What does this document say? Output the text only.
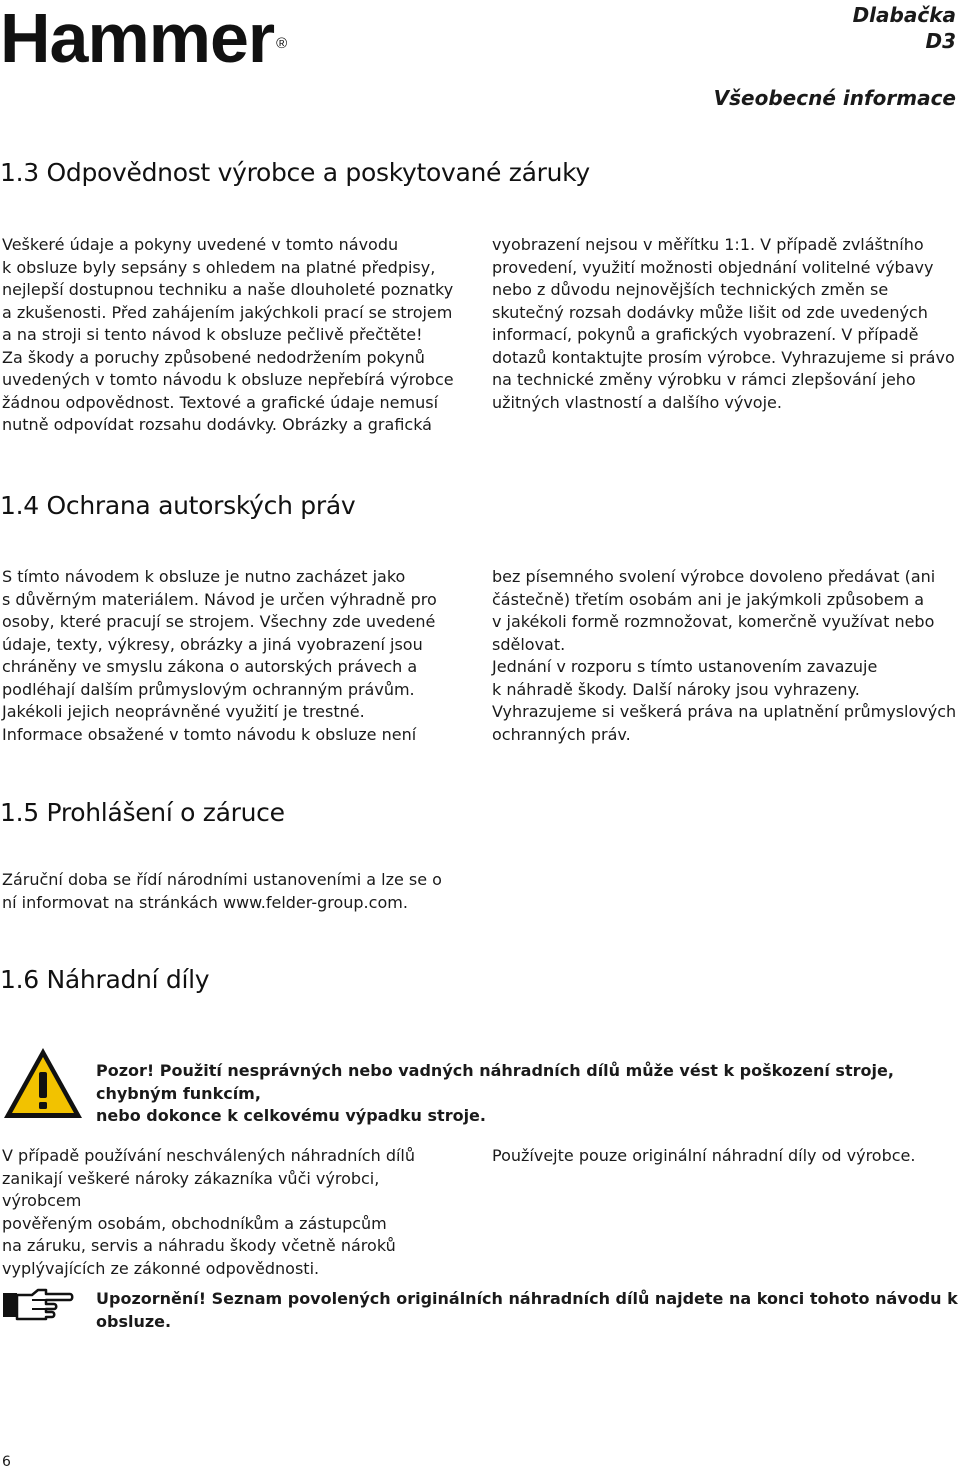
Hammer ®
Dlabačka
D3
Všeobecné informace
1.3 Odpovědnost výrobce a poskytované záruky
Veškeré údaje a pokyny uvedené v tomto návodu
k obsluze byly sepsány s ohledem na platné předpisy,
nejlepší dostupnou techniku a naše dlouholeté poznatky
a zkušenosti. Před zahájením jakýchkoli prací se strojem
a na stroji si tento návod k obsluze pečlivě přečtěte!
Za škody a poruchy způsobené nedodržením pokynů
uvedených v tomto návodu k obsluze nepřebírá výrobce
žádnou odpovědnost. Textové a grafické údaje nemusí
nutně odpovídat rozsahu dodávky. Obrázky a grafická
vyobrazení nejsou v měřítku 1:1. V případě zvláštního
provedení, využití možnosti objednání volitelné výbavy
nebo z důvodu nejnovějších technických změn se
skutečný rozsah dodávky může lišit od zde uvedených
informací, pokynů a grafických vyobrazení. V případě
dotazů kontaktujte prosím výrobce. Vyhrazujeme si právo
na technické změny výrobku v rámci zlepšování jeho
užitných vlastností a dalšího vývoje.
1.4 Ochrana autorských práv
S tímto návodem k obsluze je nutno zacházet jako
s důvěrným materiálem. Návod je určen výhradně pro
osoby, které pracují se strojem. Všechny zde uvedené
údaje, texty, výkresy, obrázky a jiná vyobrazení jsou
chráněny ve smyslu zákona o autorských právech a
podléhají dalším průmyslovým ochranným právům.
Jakékoli jejich neoprávněné využití je trestné.
Informace obsažené v tomto návodu k obsluze není
bez písemného svolení výrobce dovoleno předávat (ani
částečně) třetím osobám ani je jakýmkoli způsobem a
v jakékoli formě rozmnožovat, komerčně využívat nebo
sdělovat.
Jednání v rozporu s tímto ustanovením zavazuje
k náhradě škody. Další nároky jsou vyhrazeny.
Vyhrazujeme si veškerá práva na uplatnění průmyslových
ochranných práv.
1.5 Prohlášení o záruce
Záruční doba se řídí národními ustanoveními a lze se o
ní informovat na stránkách www.felder-group.com.
1.6 Náhradní díly
Pozor! Použití nesprávných nebo vadných náhradních dílů může vést k poškození stroje, chybným funkcím,
nebo dokonce k celkovému výpadku stroje.
V případě používání neschválených náhradních dílů
zanikají veškeré nároky zákazníka vůči výrobci, výrobcem
pověřeným osobám, obchodníkům a zástupcům
na záruku, servis a náhradu škody včetně nároků
vyplývajících ze zákonné odpovědnosti.
Používejte pouze originální náhradní díly od výrobce.
Upozornění! Seznam povolených originálních náhradních dílů najdete na konci tohoto návodu k obsluze.
6
